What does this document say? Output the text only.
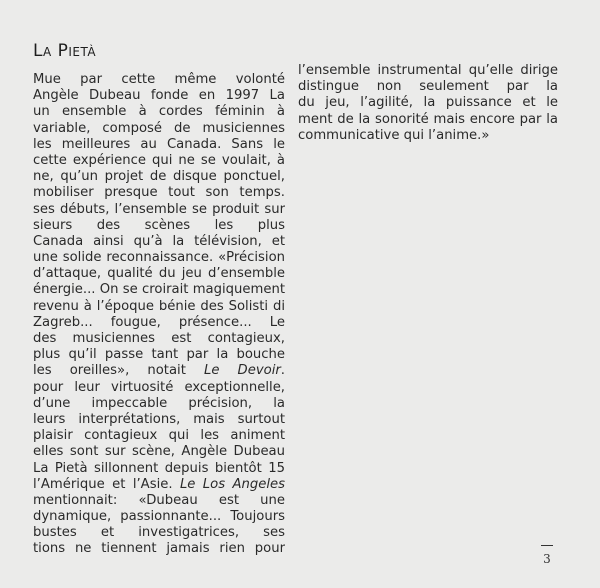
La Pietà
Mue par cette même volonté
Angèle Dubeau fonde en 1997 La
un ensemble à cordes féminin à
variable, composé de musiciennes
les meilleures au Canada. Sans le
cette expérience qui ne se voulait, à
ne, qu’un projet de disque ponctuel,
mobiliser presque tout son temps.
ses débuts, l’ensemble se produit sur
sieurs des scènes les plus
Canada ainsi qu’à la télévision, et
une solide reconnaissance. «Précision
d’attaque, qualité du jeu d’ensemble
énergie... On se croirait magiquement
revenu à l’époque bénie des Solisti di
Zagreb... fougue, présence... Le
des musiciennes est contagieux,
plus qu’il passe tant par la bouche
les oreilles», notait Le Devoir.
pour leur virtuosité exceptionnelle,
d’une impeccable précision, la
leurs interprétations, mais surtout
plaisir contagieux qui les animent
elles sont sur scène, Angèle Dubeau
La Pietà sillonnent depuis bientôt 15
l’Amérique et l’Asie. Le Los Angeles
mentionnait: «Dubeau est une
dynamique, passionnante... Toujours
bustes et investigatrices, ses
tions ne tiennent jamais rien pour
l’ensemble instrumental qu’elle dirige
distingue non seulement par la
du jeu, l’agilité, la puissance et le
ment de la sonorité mais encore par la
communicative qui l’anime.»
3
